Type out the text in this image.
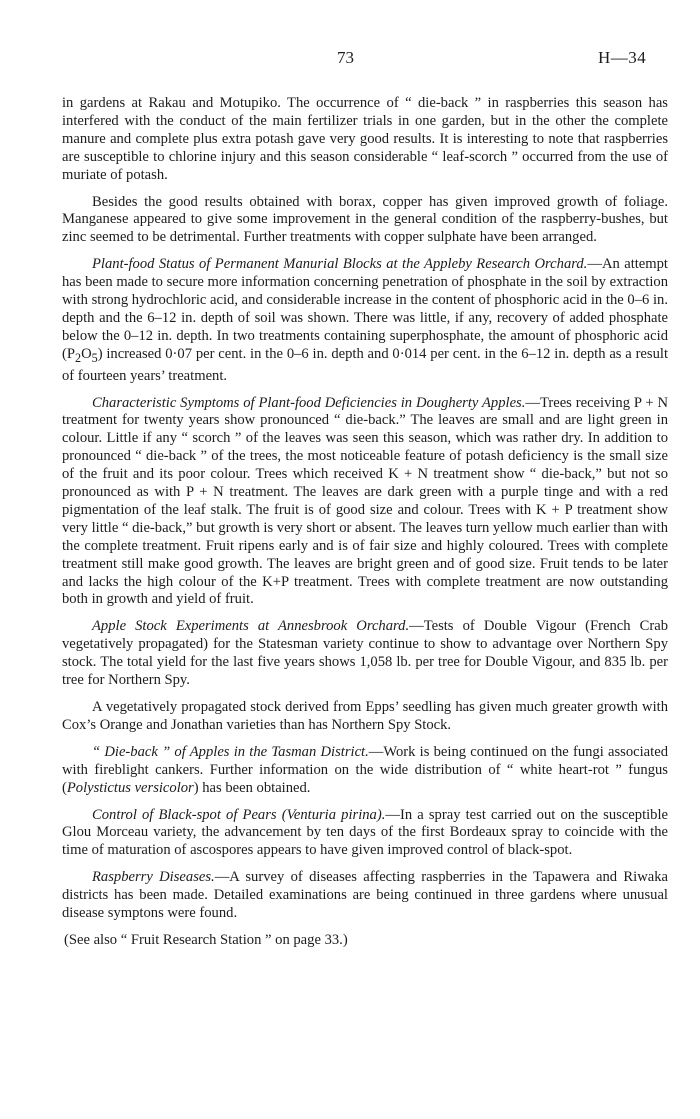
73	H—34

in gardens at Rakau and Motupiko. The occurrence of “ die-back ” in raspberries this season has interfered with the conduct of the main fertilizer trials in one garden, but in the other the complete manure and complete plus extra potash gave very good results. It is interesting to note that raspberries are susceptible to chlorine injury and this season considerable “ leaf-scorch ” occurred from the use of muriate of potash.

Besides the good results obtained with borax, copper has given improved growth of foliage. Manganese appeared to give some improvement in the general condition of the raspberry-bushes, but zinc seemed to be detrimental. Further treatments with copper sulphate have been arranged.

Plant-food Status of Permanent Manurial Blocks at the Appleby Research Orchard.—An attempt has been made to secure more information concerning penetration of phosphate in the soil by extraction with strong hydrochloric acid, and considerable increase in the content of phosphoric acid in the 0–6 in. depth and the 6–12 in. depth of soil was shown. There was little, if any, recovery of added phosphate below the 0–12 in. depth. In two treatments containing superphosphate, the amount of phosphoric acid $(P_2O_5)$ increased 0·07 per cent. in the 0–6 in. depth and 0·014 per cent. in the 6–12 in. depth as a result of fourteen years’ treatment.

Characteristic Symptoms of Plant-food Deficiencies in Dougherty Apples.—Trees receiving P + N treatment for twenty years show pronounced “ die-back.” The leaves are small and are light green in colour. Little if any “ scorch ” of the leaves was seen this season, which was rather dry. In addition to pronounced “ die-back ” of the trees, the most noticeable feature of potash deficiency is the small size of the fruit and its poor colour. Trees which received K + N treatment show “ die-back,” but not so pronounced as with P + N treatment. The leaves are dark green with a purple tinge and with a red pigmentation of the leaf stalk. The fruit is of good size and colour. Trees with K + P treatment show very little “ die-back,” but growth is very short or absent. The leaves turn yellow much earlier than with the complete treatment. Fruit ripens early and is of fair size and highly coloured. Trees with complete treatment still make good growth. The leaves are bright green and of good size. Fruit tends to be later and lacks the high colour of the K+P treatment. Trees with complete treatment are now outstanding both in growth and yield of fruit.

Apple Stock Experiments at Annesbrook Orchard.—Tests of Double Vigour (French Crab vegetatively propagated) for the Statesman variety continue to show to advantage over Northern Spy stock. The total yield for the last five years shows 1,058 lb. per tree for Double Vigour, and 835 lb. per tree for Northern Spy.

A vegetatively propagated stock derived from Epps’ seedling has given much greater growth with Cox’s Orange and Jonathan varieties than has Northern Spy Stock.

“ Die-back ” of Apples in the Tasman District.—Work is being continued on the fungi associated with fireblight cankers. Further information on the wide distribution of “ white heart-rot ” fungus (Polystictus versicolor) has been obtained.

Control of Black-spot of Pears (Venturia pirina).—In a spray test carried out on the susceptible Glou Morceau variety, the advancement by ten days of the first Bordeaux spray to coincide with the time of maturation of ascospores appears to have given improved control of black-spot.

Raspberry Diseases.—A survey of diseases affecting raspberries in the Tapawera and Riwaka districts has been made. Detailed examinations are being continued in three gardens where unusual disease symptons were found.

(See also “ Fruit Research Station ” on page 33.)
